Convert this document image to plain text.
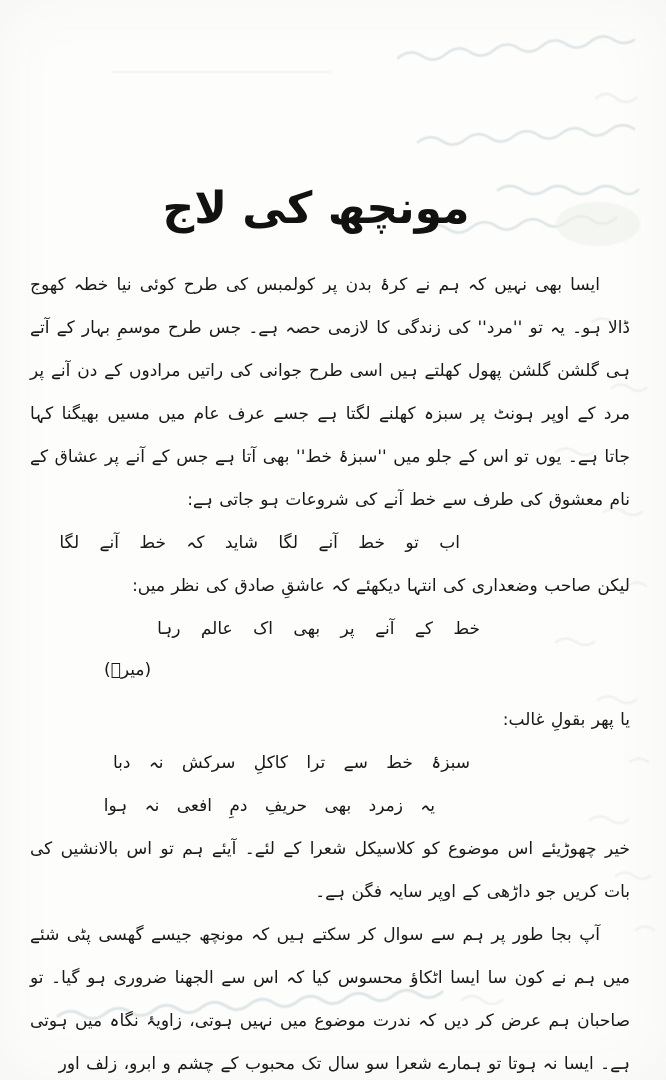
مونچھ کی لاج

ایسا بھی نہیں کہ ہم نے کرۂ بدن پر کولمبس کی طرح کوئی نیا خطہ کھوج ڈالا ہو۔ یہ تو ''مرد'' کی زندگی کا لازمی حصہ ہے۔ جس طرح موسمِ بہار کے آتے ہی گلشن گلشن پھول کھلتے ہیں اسی طرح جوانی کی راتیں مرادوں کے دن آنے پر مرد کے اوپر ہونٹ پر سبزہ کھلنے لگتا ہے جسے عرف عام میں مسیں بھیگنا کہا جاتا ہے۔ یوں تو اس کے جلو میں ''سبزۂ خط'' بھی آتا ہے جس کے آنے پر عشاق کے نام معشوق کی طرف سے خط آنے کی شروعات ہو جاتی ہے:

اب تو خط آنے لگا شاید کہ خط آنے لگا

لیکن صاحب وضعداری کی انتہا دیکھئے کہ عاشقِ صادق کی نظر میں:

خط کے آنے پر بھی اک عالم رہا

(میرؔ)

یا پھر بقولِ غالب:

سبزۂ خط سے ترا کاکلِ سرکش نہ دبا

یہ زمرد بھی حریفِ دمِ افعی نہ ہوا

خیر چھوڑیئے اس موضوع کو کلاسیکل شعرا کے لئے۔ آیئے ہم تو اس بالانشیں کی بات کریں جو داڑھی کے اوپر سایہ فگن ہے۔

آپ بجا طور پر ہم سے سوال کر سکتے ہیں کہ مونچھ جیسے گھسی پٹی شئے میں ہم نے کون سا ایسا اٹکاؤ محسوس کیا کہ اس سے الجھنا ضروری ہو گیا۔ تو صاحبان ہم عرض کر دیں کہ ندرت موضوع میں نہیں ہوتی، زاویۂ نگاہ میں ہوتی ہے۔ ایسا نہ ہوتا تو ہمارے شعرا سو سال تک محبوب کے چشم و ابرو، زلف اور
